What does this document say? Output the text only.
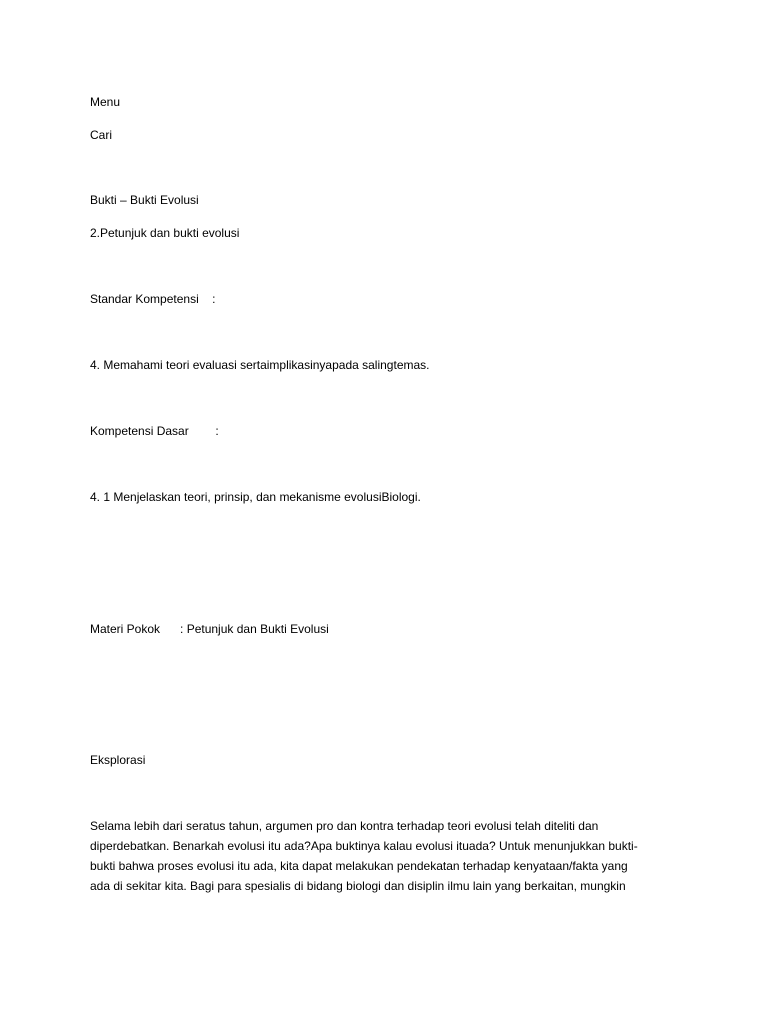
Menu
Cari
Bukti – Bukti Evolusi
2.Petunjuk dan bukti evolusi
Standar Kompetensi    :
4. Memahami teori evaluasi sertaimplikasinyapada salingtemas.
Kompetensi Dasar        :
4. 1 Menjelaskan teori, prinsip, dan mekanisme evolusiBiologi.
Materi Pokok      : Petunjuk dan Bukti Evolusi
Eksplorasi
Selama lebih dari seratus tahun, argumen pro dan kontra terhadap teori evolusi telah diteliti dan
diperdebatkan. Benarkah evolusi itu ada?Apa buktinya kalau evolusi ituada? Untuk menunjukkan bukti-
bukti bahwa proses evolusi itu ada, kita dapat melakukan pendekatan terhadap kenyataan/fakta yang
ada di sekitar kita. Bagi para spesialis di bidang biologi dan disiplin ilmu lain yang berkaitan, mungkin
